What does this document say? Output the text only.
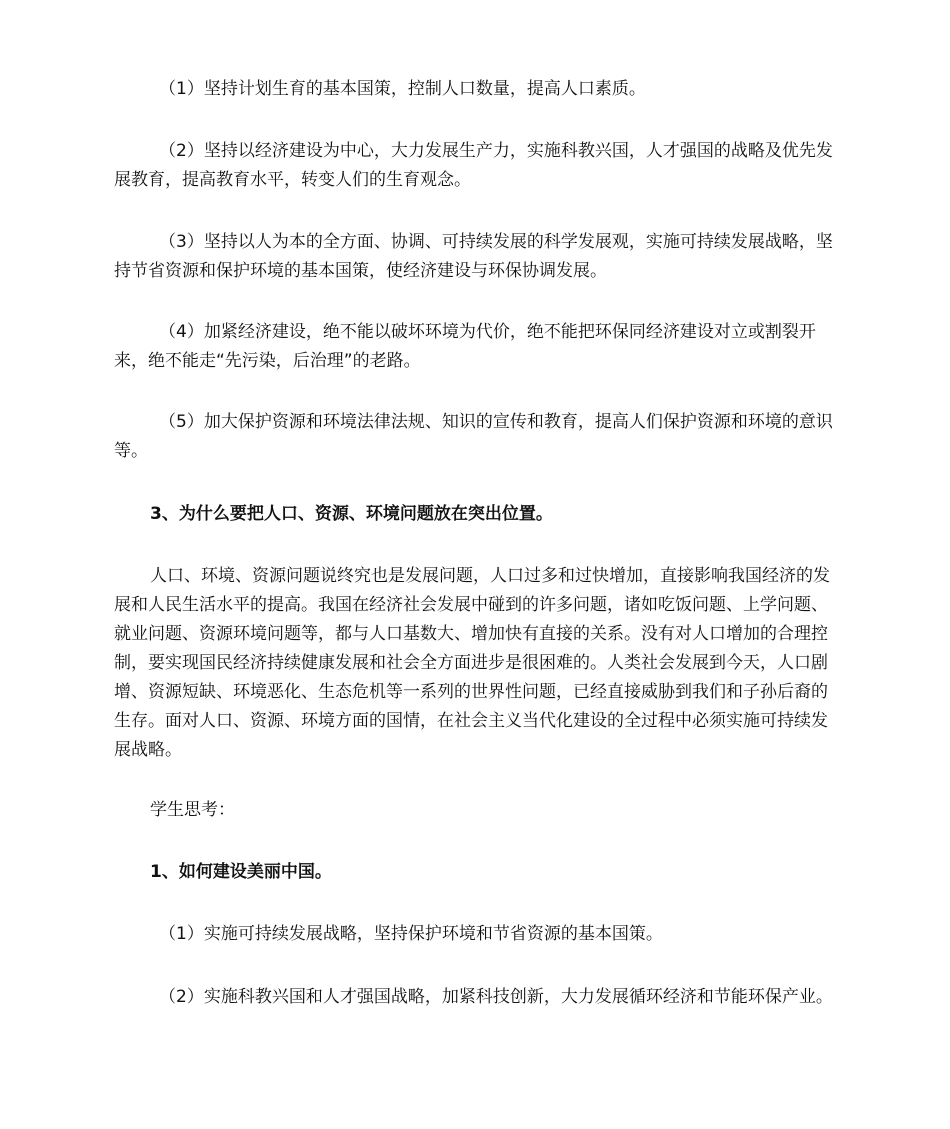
（1）坚持计划生育的基本国策，控制人口数量，提高人口素质。

（2）坚持以经济建设为中心，大力发展生产力，实施科教兴国，人才强国的战略及优先发展教育，提高教育水平，转变人们的生育观念。

（3）坚持以人为本的全方面、协调、可持续发展的科学发展观，实施可持续发展战略，坚持节省资源和保护环境的基本国策，使经济建设与环保协调发展。

（4）加紧经济建设，绝不能以破坏环境为代价，绝不能把环保同经济建设对立或割裂开来，绝不能走“先污染，后治理”的老路。

（5）加大保护资源和环境法律法规、知识的宣传和教育，提高人们保护资源和环境的意识等。

3、为什么要把人口、资源、环境问题放在突出位置。

人口、环境、资源问题说终究也是发展问题，人口过多和过快增加，直接影响我国经济的发展和人民生活水平的提高。我国在经济社会发展中碰到的许多问题，诸如吃饭问题、上学问题、就业问题、资源环境问题等，都与人口基数大、增加快有直接的关系。没有对人口增加的合理控制，要实现国民经济持续健康发展和社会全方面进步是很困难的。人类社会发展到今天，人口剧增、资源短缺、环境恶化、生态危机等一系列的世界性问题，已经直接威胁到我们和子孙后裔的生存。面对人口、资源、环境方面的国情，在社会主义当代化建设的全过程中必须实施可持续发展战略。

学生思考：

1、如何建设美丽中国。

（1）实施可持续发展战略，坚持保护环境和节省资源的基本国策。

（2）实施科教兴国和人才强国战略，加紧科技创新，大力发展循环经济和节能环保产业。
